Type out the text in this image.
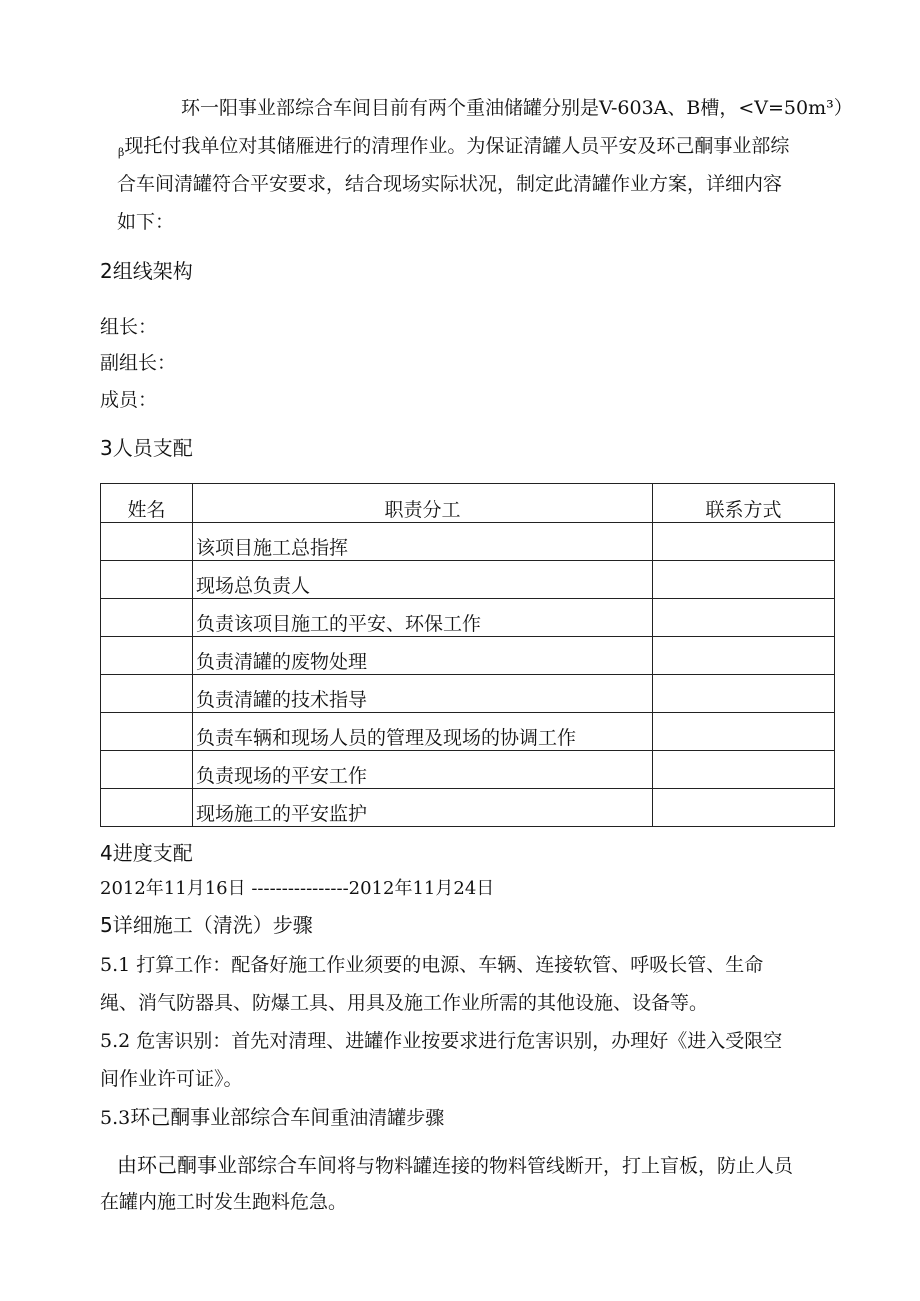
环一阳事业部综合车间目前有两个重油储罐分别是V-603A、B槽，<V=50m³）
$_\beta$现托付我单位对其储雁进行的清理作业。为保证清罐人员平安及环己酮事业部综
合车间清罐符合平安要求，结合现场实际状况，制定此清罐作业方案，详细内容
如下：
2组线架构
组长：
副组长：
成员：
3人员支配
姓名	职责分工	联系方式
	该项目施工总指挥	
	现场总负责人	
	负责该项目施工的平安、环保工作	
	负责清罐的废物处理	
	负责清罐的技术指导	
	负责车辆和现场人员的管理及现场的协调工作	
	负责现场的平安工作	
	现场施工的平安监护	
4进度支配
2012年11月16日 ----------------2012年11月24日
5详细施工（清洗）步骤
5.1 打算工作：配备好施工作业须要的电源、车辆、连接软管、呼吸长管、生命
绳、消气防器具、防爆工具、用具及施工作业所需的其他设施、设备等。
5.2 危害识别：首先对清理、进罐作业按要求进行危害识别，办理好《进入受限空
间作业许可证》。
5.3环己酮事业部综合车间重油清罐步骤
由环己酮事业部综合车间将与物料罐连接的物料管线断开，打上盲板，防止人员
在罐内施工时发生跑料危急。
